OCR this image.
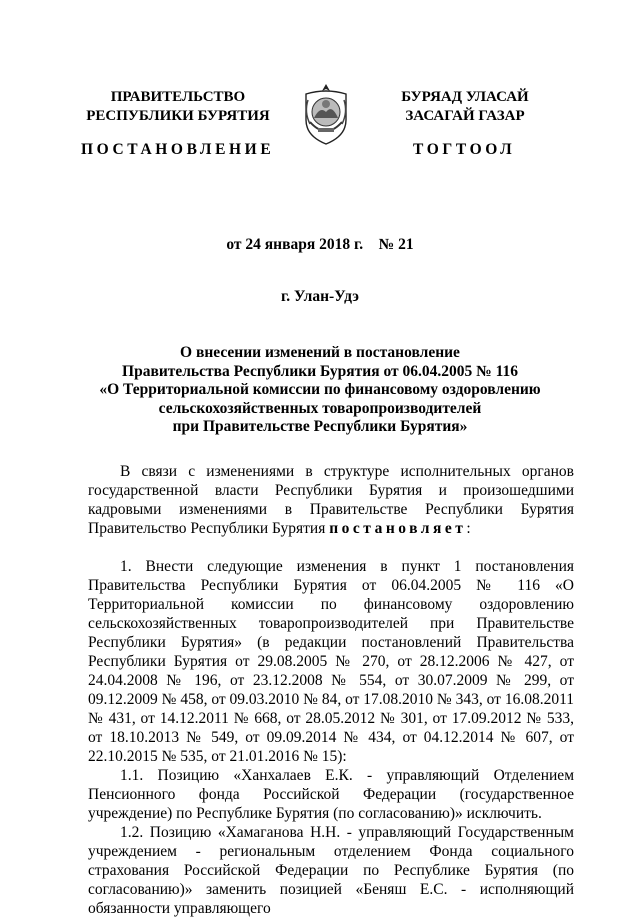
ПРАВИТЕЛЬСТВО
РЕСПУБЛИКИ БУРЯТИЯ
БУРЯАД УЛАСАЙ
ЗАСАГАЙ ГАЗАР
ПОСТАНОВЛЕНИЕ	ТОГТООЛ
от 24 января 2018 г.    № 21
г. Улан-Удэ
О внесении изменений в постановление
Правительства Республики Бурятия от 06.04.2005 № 116
«О Территориальной комиссии по финансовому оздоровлению
сельскохозяйственных товаропроизводителей
при Правительстве Республики Бурятия»

В связи с изменениями в структуре исполнительных органов государственной власти Республики Бурятия и произошедшими кадровыми изменениями в Правительстве Республики Бурятия Правительство Республики Бурятия постановляет:

1. Внести следующие изменения в пункт 1 постановления Правительства Республики Бурятия от 06.04.2005 № 116 «О Территориальной комиссии по финансовому оздоровлению сельскохозяйственных товаропроизводителей при Правительстве Республики Бурятия» (в редакции постановлений Правительства Республики Бурятия от 29.08.2005 № 270, от 28.12.2006 № 427, от 24.04.2008 № 196, от 23.12.2008 № 554, от 30.07.2009 № 299, от 09.12.2009 № 458, от 09.03.2010 № 84, от 17.08.2010 № 343, от 16.08.2011 № 431, от 14.12.2011 № 668, от 28.05.2012 № 301, от 17.09.2012 № 533, от 18.10.2013 № 549, от 09.09.2014 № 434, от 04.12.2014 № 607, от 22.10.2015 № 535, от 21.01.2016 № 15):

1.1. Позицию «Ханхалаев Е.К. - управляющий Отделением Пенсионного фонда Российской Федерации (государственное учреждение) по Республике Бурятия (по согласованию)» исключить.

1.2. Позицию «Хамаганова Н.Н. - управляющий Государственным учреждением - региональным отделением Фонда социального страхования Российской Федерации по Республике Бурятия (по согласованию)» заменить позицией «Беняш Е.С. - исполняющий обязанности управляющего
